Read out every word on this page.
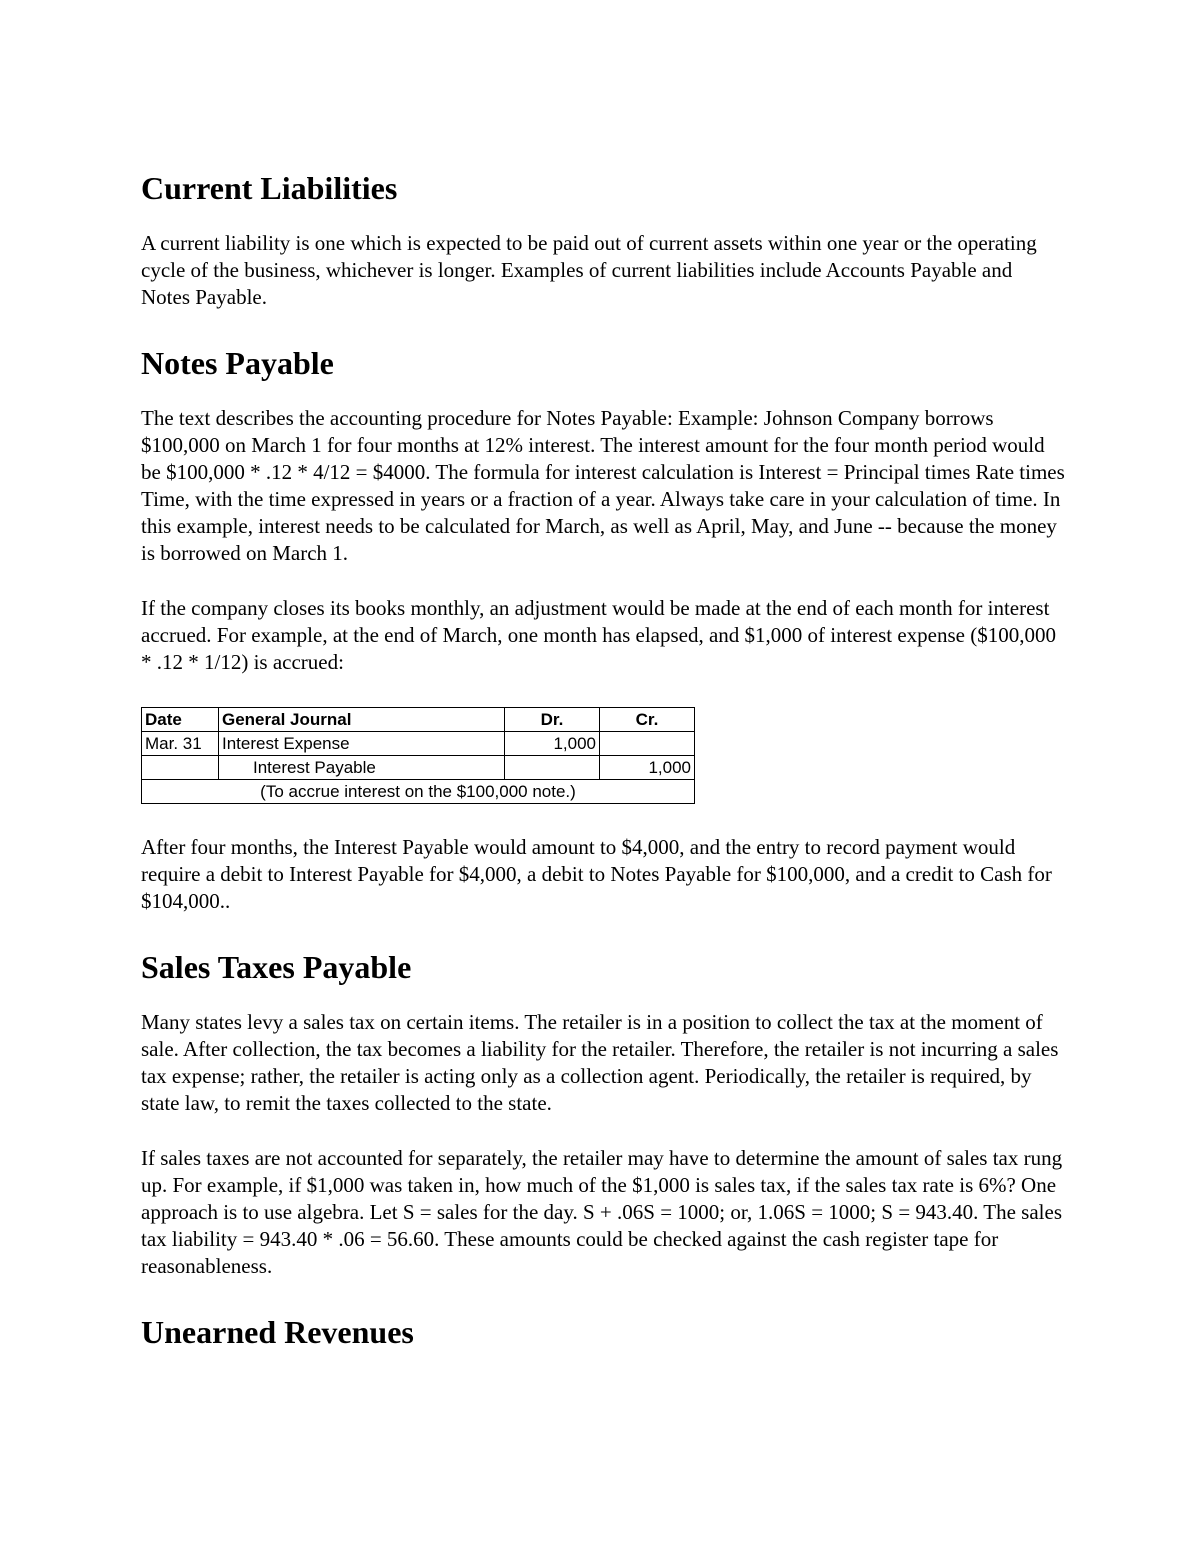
Current Liabilities

A current liability is one which is expected to be paid out of current assets within one year or the operating cycle of the business, whichever is longer. Examples of current liabilities include Accounts Payable and Notes Payable.

Notes Payable

The text describes the accounting procedure for Notes Payable: Example: Johnson Company borrows $100,000 on March 1 for four months at 12% interest. The interest amount for the four month period would be $100,000 * .12 * 4/12 = $4000. The formula for interest calculation is Interest = Principal times Rate times Time, with the time expressed in years or a fraction of a year. Always take care in your calculation of time. In this example, interest needs to be calculated for March, as well as April, May, and June -- because the money is borrowed on March 1.

If the company closes its books monthly, an adjustment would be made at the end of each month for interest accrued. For example, at the end of March, one month has elapsed, and $1,000 of interest expense ($100,000 * .12 * 1/12) is accrued:

Date	General Journal	Dr.	Cr.
Mar. 31	Interest Expense	1,000	
	Interest Payable		1,000
(To accrue interest on the $100,000 note.)			

After four months, the Interest Payable would amount to $4,000, and the entry to record payment would require a debit to Interest Payable for $4,000, a debit to Notes Payable for $100,000, and a credit to Cash for $104,000..

Sales Taxes Payable

Many states levy a sales tax on certain items. The retailer is in a position to collect the tax at the moment of sale. After collection, the tax becomes a liability for the retailer. Therefore, the retailer is not incurring a sales tax expense; rather, the retailer is acting only as a collection agent. Periodically, the retailer is required, by state law, to remit the taxes collected to the state.

If sales taxes are not accounted for separately, the retailer may have to determine the amount of sales tax rung up. For example, if $1,000 was taken in, how much of the $1,000 is sales tax, if the sales tax rate is 6%? One approach is to use algebra. Let S = sales for the day. S + .06S = 1000; or, 1.06S = 1000; S = 943.40. The sales tax liability = 943.40 * .06 = 56.60. These amounts could be checked against the cash register tape for reasonableness.

Unearned Revenues
